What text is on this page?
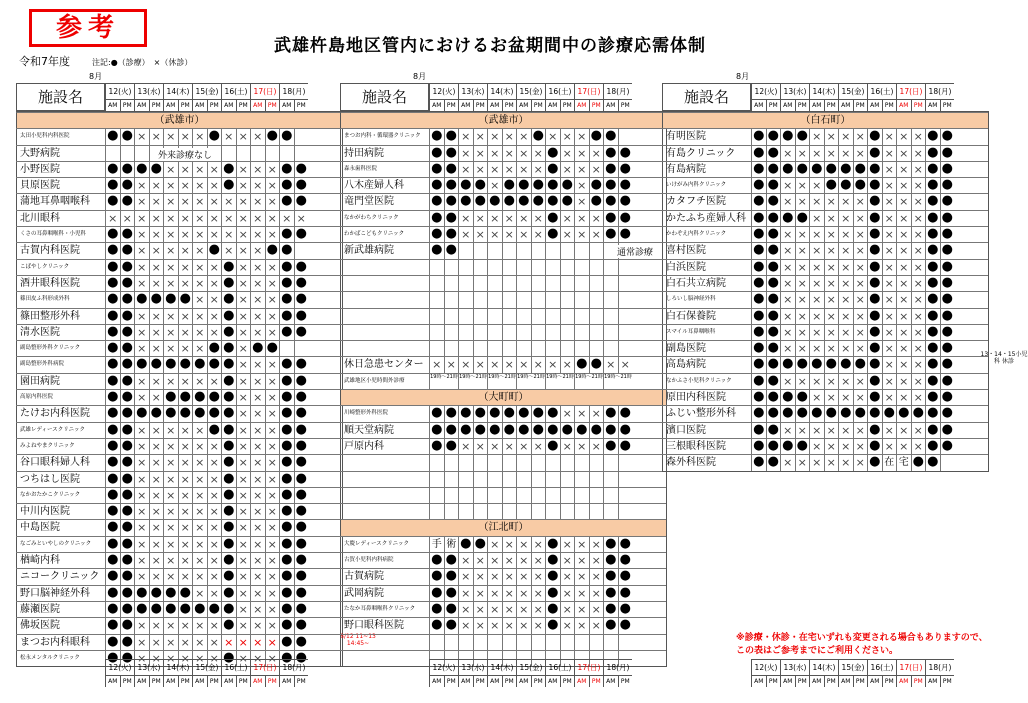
参考
武雄杵島地区管内におけるお盆期間中の診療応需体制
令和7年度	注記:●（診療）　×（休診）
8月	8月	8月
12(火) 13(水) 14(木) 15(金) 16(土) 17(日) 18(月)
AM PM AM PM AM PM AM PM AM PM AM PM AM PM
施設名
（武雄市）
太田小児科内科医院	● ● × × × × × ● × × × ● ●
大野病院	外来診療なし
小野医院	● ● ● ● × × × × ● × × × ● ●
貝原医院	● ● × × × × × × ● × × × ● ●
蒲地耳鼻咽喉科	● ● × × × × × × × × × × ● ●
北川眼科	× × × × × × × × × × × × × ×
くさの耳鼻咽喉科・小児科	● ● × × × × × × × × × × ● ●
古賀内科医院	● ● × × × × × ● × × × ● ●
こばやしクリニック	● ● × × × × × × ● × × × ● ●
酒井眼科医院	● ● × × × × × × ● × × × ● ●
篠田皮ふ科形成外科	● ● ● ● ● ● × × ● × × × ● ●
篠田整形外科	● ● × × × × × × ● × × × ● ●
清水医院	● ● × × × × × × ● × × × ● ●
副島整形外科クリニック	● ● × × × × × ● ● × ● ●
副島整形外科病院	● ● ● ● ● ● ● ● ● × × × ● ●
園田病院	● ● × × × × × × ● × × × ● ●
高原内科医院	● ● × × ● ● ● ● ● × × × ● ●
たけお内科医院	● ● ● ● ● ● ● ● ● × × × ● ●
武雄レディースクリニック	● ● × × × × × ● ● × × × ● ●
みよねやまクリニック	● ● × × × × × × ● × × × ● ●
谷口眼科婦人科	● ● × × × × × × ● × × × ● ●
つちはし医院	● ● × × × × × × ● × × × ● ●
なかおたかこクリニック	● ● × × × × × × ● × × × ● ●
中川内医院	● ● × × × × × × ● × × × ● ●
中島医院	● ● × × × × × × ● × × × ● ●
なごみといやしのクリニック	● ● × × × × × × ● × × × ● ●
楢崎内科	● ● × × × × × × ● × × × ● ●
ニコークリニック ● ● × × × × × × ● × × × ● ●
野口脳神経外科	● ● ● ● ● ● × × ● × × × ● ●
藤瀬医院	● ● ● ● ● ● ● ● ● × × × ● ●
佛坂医院	● ● × × × × × × ● × × × ● ●
まつお内科眼科	● ● × × × × × × × × × × ● ●	8/12 11~13 14:45~
松永メンタルクリニック	● ● × × × × × × ● × × × ● ●
12(火) 13(水) 14(木) 15(金) 16(土) 17(日) 18(月)
AM PM AM PM AM PM AM PM AM PM AM PM AM PM
施設名
（武雄市）
まつお内科・循環器クリニック ● ● × × × × × ● × × × ● ●
持田病院	● ● × × × × × × ● × × × ● ●
森永歯科医院	● ● × × × × × × ● × × × ● ●
八木産婦人科	● ● ● ● × ● ● ● ● ● × ● ● ●
竜門堂医院	● ● ● ● ● ● ● ● ● ● × ● ● ●
なかがわちクリニック	● ● × × × × × × ● × × × ● ●
わかばこどもクリニック	● ● × × × × × × ● × × × ● ●
新武雄病院	● ●	通常診療
休日急患センター × × × × × × × × × × ● ● × ×
武雄地区小児時間外診療
19時～21時 19時～21時 19時～21時 19時～21時 19時～21時 19時～21時 19時～21時
（大町町）
川崎整形外科医院	● ● ● ● ● ● ● ● ● × × × ● ●
順天堂病院	● ● ● ● ● ● ● ● ● ● ● ● ● ●
戸原内科	● ● × × × × × × ● × × × ● ●
（江北町）
大慶レディースクリニック	手 術 ● ● × × × × ● × × × ● ●
古賀小児科内科病院	● ● × × × × × × ● × × × ● ●
古賀病院	● ● × × × × × × ● × × × ● ●
武岡病院	● ● × × × × × × ● × × × ● ●
たなか耳鼻咽喉科クリニック	● ● × × × × × × ● × × × ● ●
野口眼科医院	● ● × × × × × × ● × × × ● ●
12(火) 13(水) 14(木) 15(金) 16(土) 17(日) 18(月)
AM PM AM PM AM PM AM PM AM PM AM PM AM PM
施設名
（白石町）
有明医院	● ● ● ● × × × × ● × × × ● ●
有島クリニック	● ● × × × × × × ● × × × ● ●
有島病院	● ● ● ● ● ● ● ● ● × × × ● ●
いけがみ内科クリニック	● ● × × × ● ● ● ● × × × ● ●
カタフチ医院	● ● × × × × × × ● × × × ● ●
かたふち産婦人科 ● ● ● ● × × × × ● × × × ● ●
かわぞえ内科クリニック	● ● × × × × × × ● × × × ● ●
喜村医院	● ● × × × × × × ● × × × ● ●
白浜医院	● ● × × × × × × ● × × × ● ●
白石共立病院	● ● × × × × × × ● × × × ● ●
しろいし脳神経外科	● ● × × × × × × ● × × × ● ●
白石保養院	● ● × × × × × × ● × × × ● ●
スマイル耳鼻咽喉科	● ● × × × × × × ● × × × ● ●
副島医院	● ● × × × × × × ● × × × ● ●
高島病院	● ● ● ● ● ● ● ● ● × × × ● ●
13・14・15小児科 休診
なかふさ小児科クリニック	● ● × × × × × × ● × × × ● ●
原田内科医院	● ● ● ● × × × × ● × × × ● ●
ふじい整形外科	● ● ● ● ● ● ● ● ● ● ● ● ● ●
濱口医院	● ● × × × × × × ● × × × ● ●
三根眼科医院	● ● ● ● × × × × ● × × × ● ●
森外科医院	● ● × × × × × × ● 在 宅 ● ●
12(火) 13(水) 14(木) 15(金) 16(土) 17(日) 18(月)
AM PM AM PM AM PM AM PM AM PM AM PM AM PM
12(火) 13(水) 14(木) 15(金) 16(土) 17(日) 18(月)
AM PM AM PM AM PM AM PM AM PM AM PM AM PM
12(火) 13(水) 14(木) 15(金) 16(土) 17(日) 18(月)
AM PM AM PM AM PM AM PM AM PM AM PM AM PM
※診療・休診・在宅いずれも変更される場合もありますので、この表はご参考までにご利用ください。
